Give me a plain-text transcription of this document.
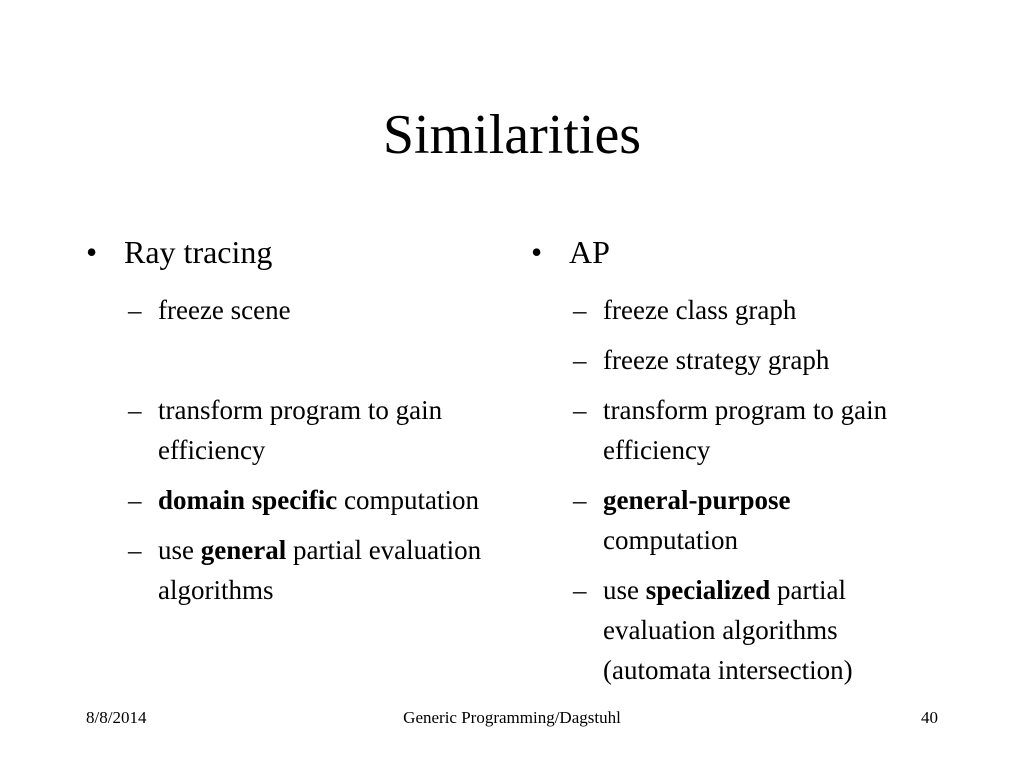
Similarities
• Ray tracing
– freeze scene
– transform program to gain efficiency
– domain specific computation
– use general partial evaluation algorithms
• AP
– freeze class graph
– freeze strategy graph
– transform program to gain efficiency
– general-purpose computation
– use specialized partial evaluation algorithms (automata intersection)
8/8/2014	Generic Programming/Dagstuhl	40
